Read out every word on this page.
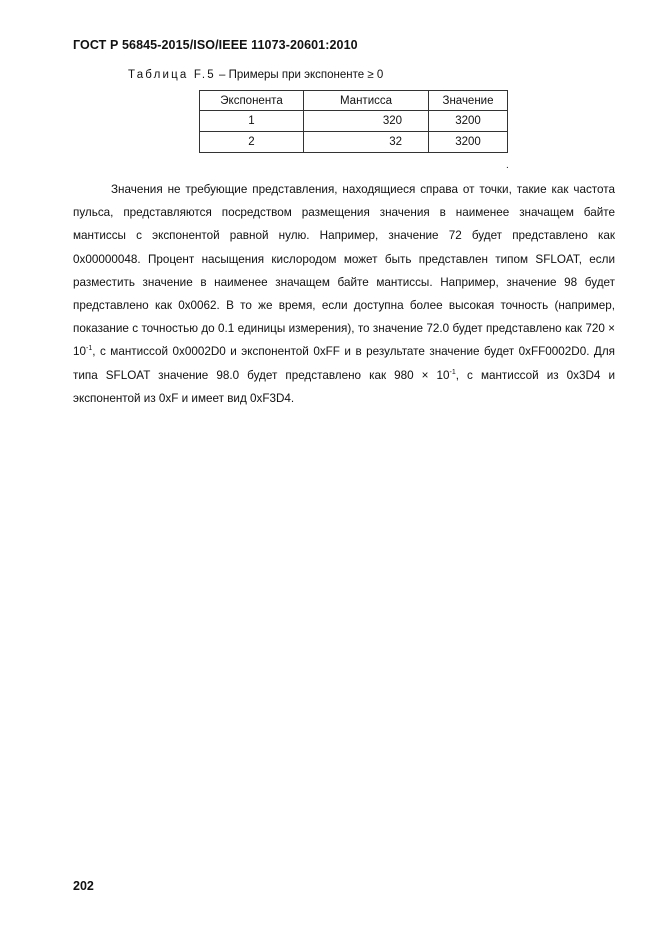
ГОСТ Р 56845-2015/ISO/IEEE 11073-20601:2010
Таблица F.5 – Примеры при экспоненте ≥ 0
Экспонента	Мантисса	Значение
1	320	3200
2	32	3200
.

Значения не требующие представления, находящиеся справа от точки, такие как частота пульса, представляются посредством размещения значения в наименее значащем байте мантиссы с экспонентой равной нулю. Например, значение 72 будет представлено как 0x00000048. Процент насыщения кислородом может быть представлен типом SFLOAT, если разместить значение в наименее значащем байте мантиссы. Например, значение 98 будет представлено как 0x0062. В то же время, если доступна более высокая точность (например, показание с точностью до 0.1 единицы измерения), то значение 72.0 будет представлено как $720 \times 10^{-1}$, с мантиссой 0x0002D0 и экспонентой 0xFF и в результате значение будет 0xFF0002D0. Для типа SFLOAT значение 98.0 будет представлено как $980 \times 10^{-1}$, с мантиссой из 0x3D4 и экспонентой из 0xF и имеет вид 0xF3D4.

202
